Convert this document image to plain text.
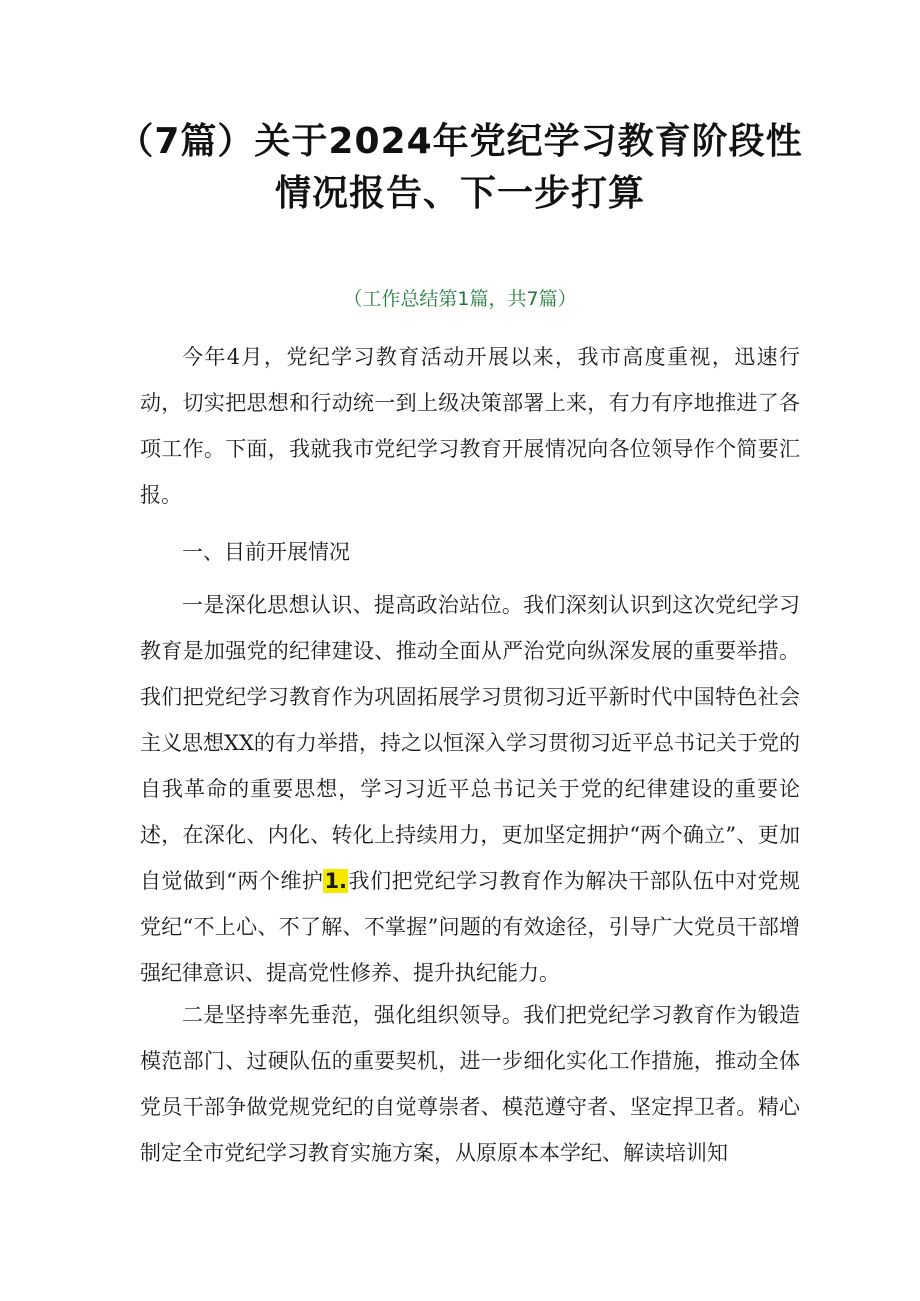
（7篇）关于2024年党纪学习教育阶段性
情况报告、下一步打算
（工作总结第1篇，共7篇）

今年4月，党纪学习教育活动开展以来，我市高度重视，迅速行动，切实把思想和行动统一到上级决策部署上来，有力有序地推进了各项工作。下面，我就我市党纪学习教育开展情况向各位领导作个简要汇报。

一、目前开展情况

一是深化思想认识、提高政治站位。我们深刻认识到这次党纪学习教育是加强党的纪律建设、推动全面从严治党向纵深发展的重要举措。我们把党纪学习教育作为巩固拓展学习贯彻习近平新时代中国特色社会主义思想XX的有力举措，持之以恒深入学习贯彻习近平总书记关于党的自我革命的重要思想，学习习近平总书记关于党的纪律建设的重要论述，在深化、内化、转化上持续用力，更加坚定拥护“两个确立”、更加自觉做到“两个维护1.我们把党纪学习教育作为解决干部队伍中对党规党纪“不上心、不了解、不掌握”问题的有效途径，引导广大党员干部增强纪律意识、提高党性修养、提升执纪能力。

二是坚持率先垂范，强化组织领导。我们把党纪学习教育作为锻造模范部门、过硬队伍的重要契机，进一步细化实化工作措施，推动全体党员干部争做党规党纪的自觉尊崇者、模范遵守者、坚定捍卫者。精心制定全市党纪学习教育实施方案，从原原本本学纪、解读培训知
